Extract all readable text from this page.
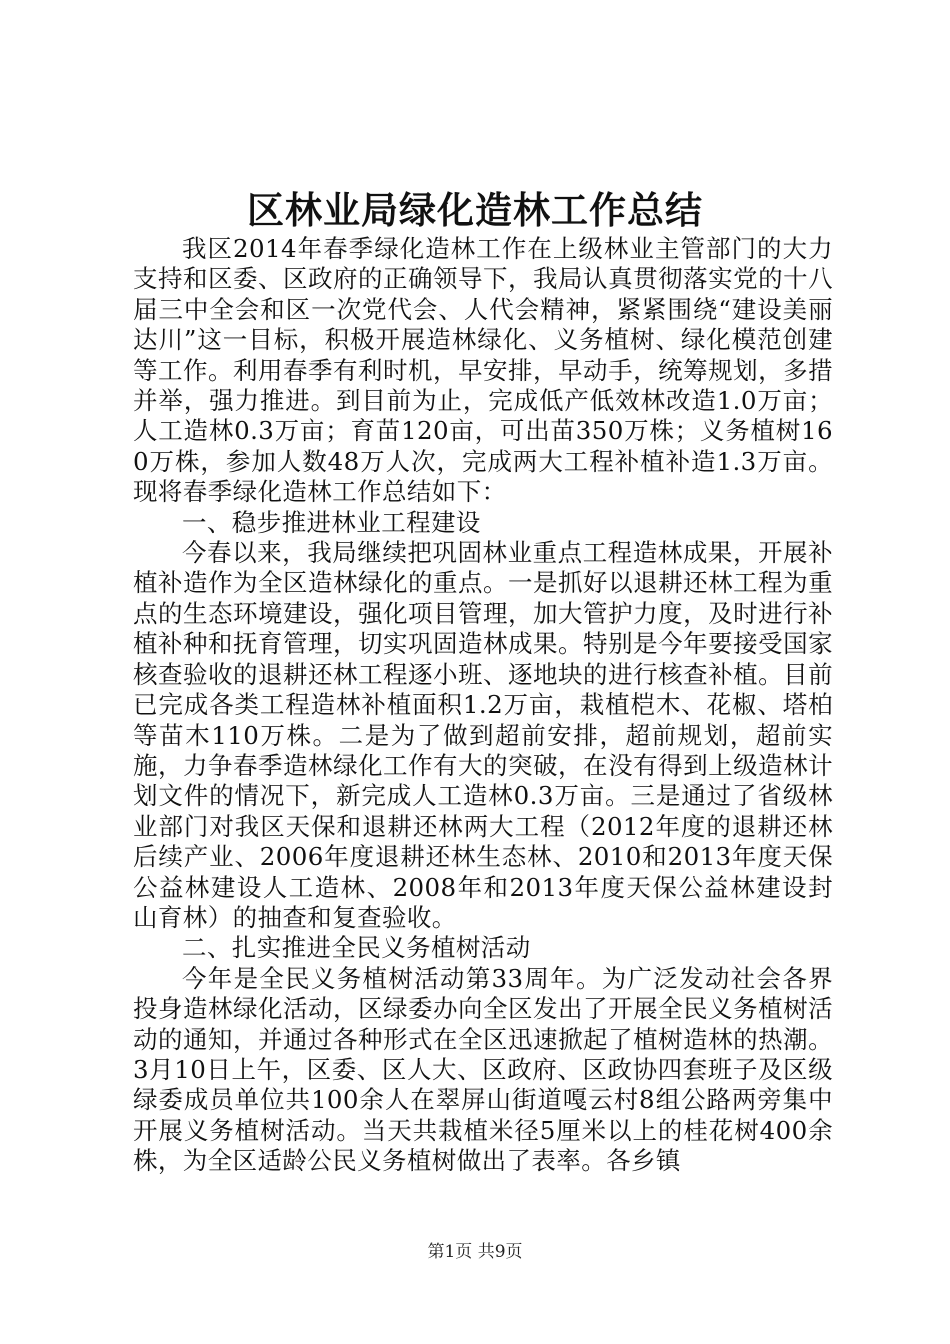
区林业局绿化造林工作总结

我区2014年春季绿化造林工作在上级林业主管部门的大力支持和区委、区政府的正确领导下，我局认真贯彻落实党的十八届三中全会和区一次党代会、人代会精神，紧紧围绕“建设美丽达川”这一目标，积极开展造林绿化、义务植树、绿化模范创建等工作。利用春季有利时机，早安排，早动手，统筹规划，多措并举，强力推进。到目前为止，完成低产低效林改造1.0万亩；人工造林0.3万亩；育苗120亩，可出苗350万株；义务植树160万株，参加人数48万人次，完成两大工程补植补造1.3万亩。现将春季绿化造林工作总结如下：

一、稳步推进林业工程建设

今春以来，我局继续把巩固林业重点工程造林成果，开展补植补造作为全区造林绿化的重点。一是抓好以退耕还林工程为重点的生态环境建设，强化项目管理，加大管护力度，及时进行补植补种和抚育管理，切实巩固造林成果。特别是今年要接受国家核查验收的退耕还林工程逐小班、逐地块的进行核查补植。目前已完成各类工程造林补植面积1.2万亩，栽植桤木、花椒、塔柏等苗木110万株。二是为了做到超前安排，超前规划，超前实施，力争春季造林绿化工作有大的突破，在没有得到上级造林计划文件的情况下，新完成人工造林0.3万亩。三是通过了省级林业部门对我区天保和退耕还林两大工程（2012年度的退耕还林后续产业、2006年度退耕还林生态林、2010和2013年度天保公益林建设人工造林、2008年和2013年度天保公益林建设封山育林）的抽查和复查验收。

二、扎实推进全民义务植树活动

今年是全民义务植树活动第33周年。为广泛发动社会各界投身造林绿化活动，区绿委办向全区发出了开展全民义务植树活动的通知，并通过各种形式在全区迅速掀起了植树造林的热潮。3月10日上午，区委、区人大、区政府、区政协四套班子及区级绿委成员单位共100余人在翠屏山街道嘎云村8组公路两旁集中开展义务植树活动。当天共栽植米径5厘米以上的桂花树400余株，为全区适龄公民义务植树做出了表率。各乡镇

第1页 共9页
